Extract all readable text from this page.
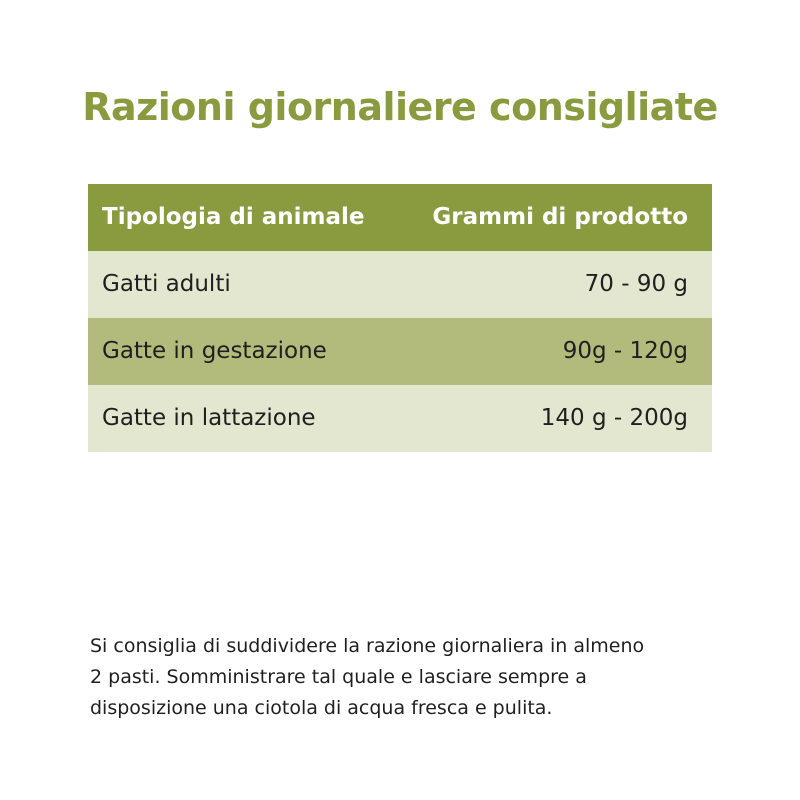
Razioni giornaliere consigliate
Tipologia di animale	Grammi di prodotto
Gatti adulti	70 - 90 g
Gatte in gestazione	90g - 120g
Gatte in lattazione	140 g - 200g

Si consiglia di suddividere la razione giornaliera in almeno
2 pasti. Somministrare tal quale e lasciare sempre a
disposizione una ciotola di acqua fresca e pulita.
